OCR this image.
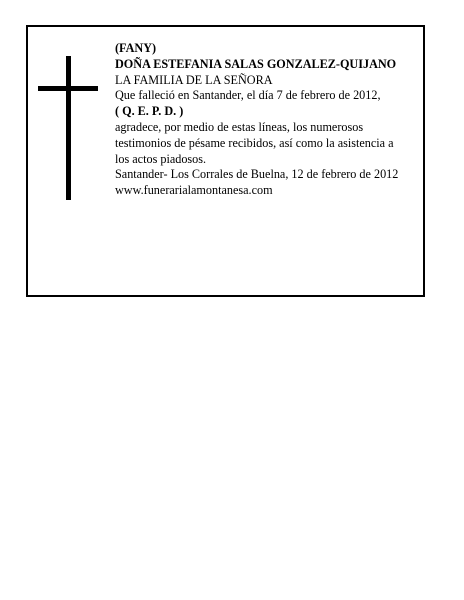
(FANY)

DOÑA ESTEFANIA SALAS GONZALEZ-QUIJANO

LA FAMILIA DE LA SEÑORA

Que falleció en Santander, el día 7 de febrero de 2012,

( Q. E. P. D. )

agradece, por medio de estas líneas, los numerosos testimonios de pésame recibidos, así como la asistencia a los actos piadosos.

Santander- Los Corrales de Buelna, 12 de febrero de 2012

www.funerarialamontanesa.com
